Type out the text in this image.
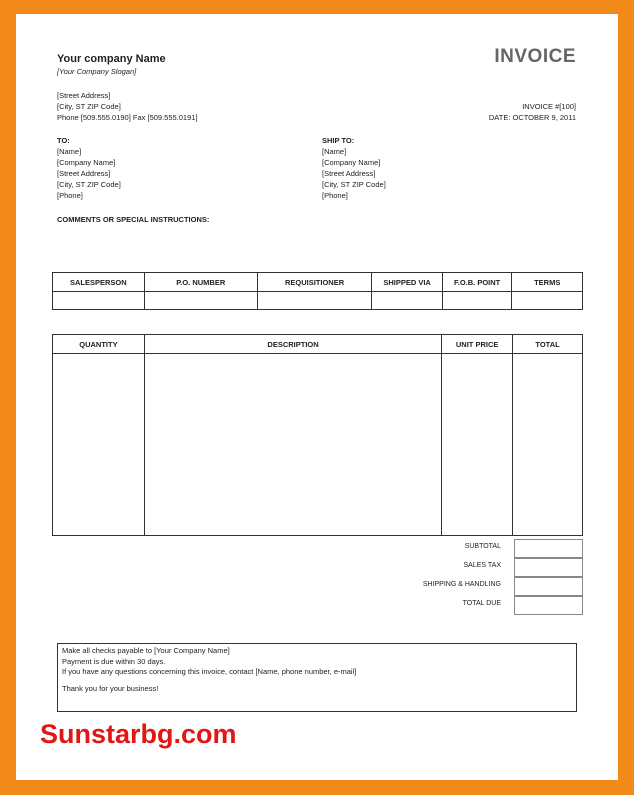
Your company Name
[Your Company Slogan]
[Street Address]
[City, ST ZIP Code]
Phone [509.555.0190] Fax [509.555.0191]
INVOICE
INVOICE #[100]
DATE: OCTOBER 9, 2011
TO:
[Name]
[Company Name]
[Street Address]
[City, ST ZIP Code]
[Phone]
SHIP TO:
[Name]
[Company Name]
[Street Address]
[City, ST ZIP Code]
[Phone]
COMMENTS OR SPECIAL INSTRUCTIONS:
SALESPERSON	P.O. NUMBER	REQUISITIONER	SHIPPED VIA	F.O.B. POINT	TERMS

QUANTITY	DESCRIPTION	UNIT PRICE	TOTAL

SUBTOTAL
SALES TAX
SHIPPING & HANDLING
TOTAL DUE
Make all checks payable to [Your Company Name]
Payment is due within 30 days.
If you have any questions concerning this invoice, contact [Name, phone number, e-mail]
Thank you for your business!
Sunstarbg.com
